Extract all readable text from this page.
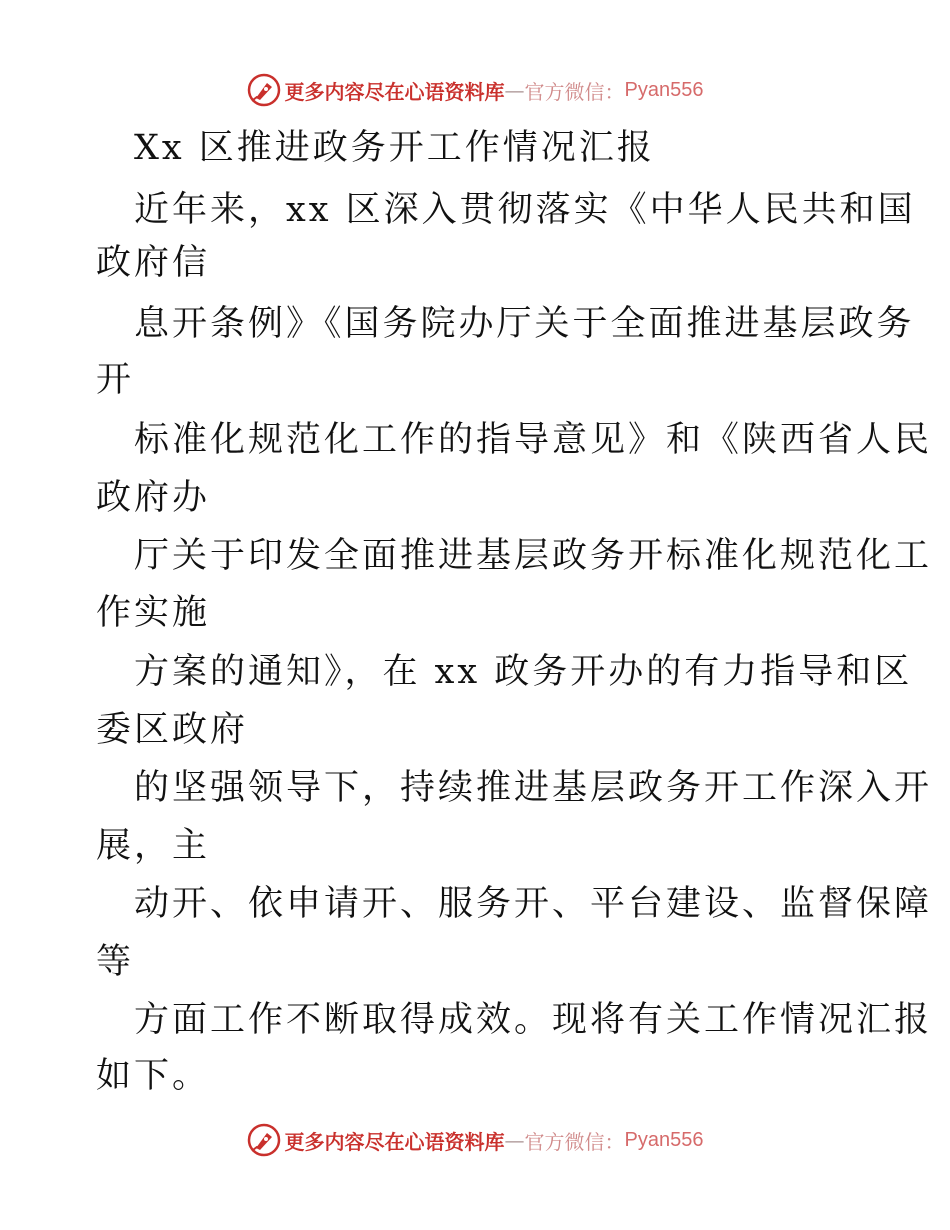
更多内容尽在心语资料库 — 官方微信： Pyan556
Xx 区推进政务开工作情况汇报
近年来，xx 区深入贯彻落实《中华人民共和国
政府信
息开条例》《国务院办厅关于全面推进基层政务
开
标准化规范化工作的指导意见》和《陕西省人民
政府办
厅关于印发全面推进基层政务开标准化规范化工
作实施
方案的通知》，在 xx 政务开办的有力指导和区
委区政府
的坚强领导下，持续推进基层政务开工作深入开
展，主
动开、依申请开、服务开、平台建设、监督保障
等
方面工作不断取得成效。现将有关工作情况汇报
如下。
更多内容尽在心语资料库 — 官方微信： Pyan556
